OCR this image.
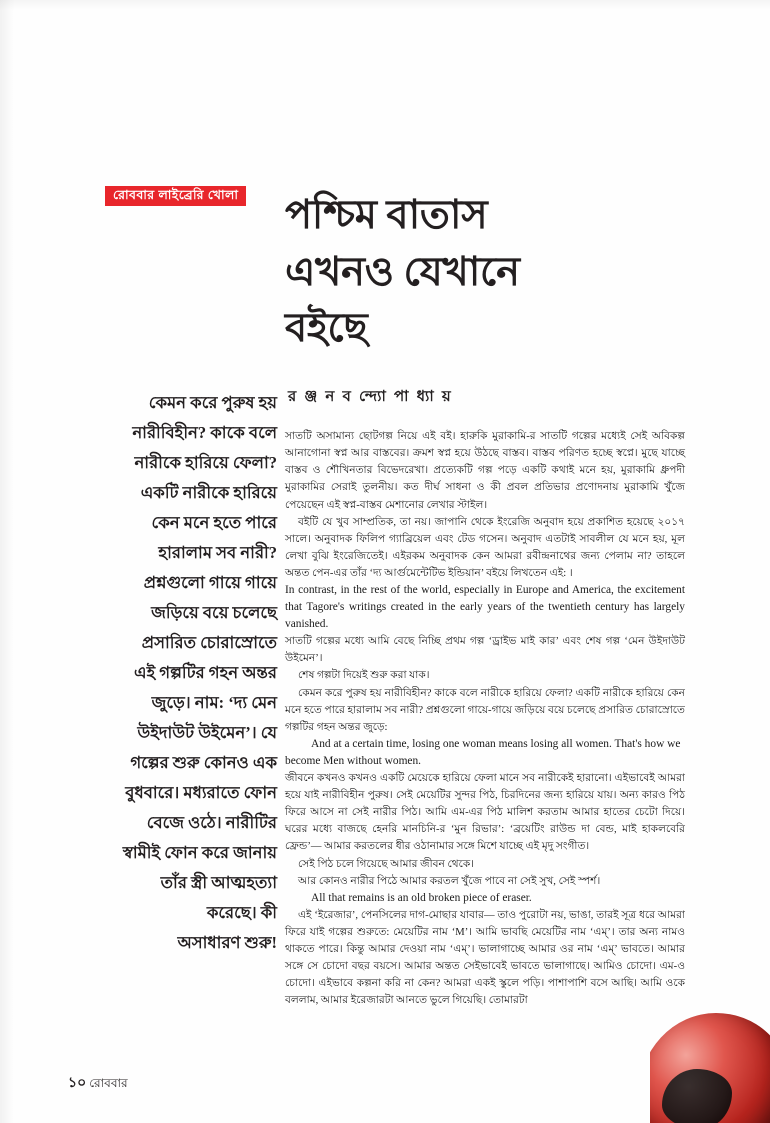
রোববার লাইব্রেরি খোলা পশ্চিম বাতাস
এখনও যেখানে
বইছে
র ঞ্জ ন ব ন্দ্যো পা ধ্যা য়
কেমন করে পুরুষ হয়
নারীবিহীন? কাকে বলে
নারীকে হারিয়ে ফেলা?
একটি নারীকে হারিয়ে
কেন মনে হতে পারে
হারালাম সব নারী?
প্রশ্নগুলো গায়ে গায়ে
জড়িয়ে বয়ে চলেছে
প্রসারিত চোরাস্রোতে
এই গল্পটির গহন অন্তর
জুড়ে। নাম: ‘দ্য মেন
উইদাউট উইমেন’। যে
গল্পের শুরু কোনও এক
বুধবারে। মধ্যরাতে ফোন
বেজে ওঠে। নারীটির
স্বামীই ফোন করে জানায়
তাঁর স্ত্রী আত্মহত্যা
করেছে। কী
অসাধারণ শুরু!

সাতটি অসামান্য ছোটগল্প নিয়ে এই বই। হারুকি মুরাকামি-র সাতটি গল্পের মধ্যেই সেই অবিকল্প আনাগোনা স্বপ্ন আর বাস্তবের। ক্রমশ স্বপ্ন হয়ে উঠছে বাস্তব। বাস্তব পরিণত হচ্ছে স্বপ্নে। মুছে যাচ্ছে বাস্তব ও শৌখিনতার বিভেদরেখা। প্রত্যেকটি গল্প পড়ে একটি কথাই মনে হয়, মুরাকামি ধ্রুপদী মুরাকামির সেরাই তুলনীয়। কত দীর্ঘ সাধনা ও কী প্রবল প্রতিভার প্রণোদনায় মুরাকামি খুঁজে পেয়েছেন এই স্বপ্ন-বাস্তব মেশানোর লেখার স্টাইল।

বইটি যে খুব সাম্প্রতিক, তা নয়। জাপানি থেকে ইংরেজি অনুবাদ হয়ে প্রকাশিত হয়েছে ২০১৭ সালে। অনুবাদক ফিলিপ গ্যাব্রিয়েল এবং টেড গসেন। অনুবাদ এতটাই সাবলীল যে মনে হয়, মূল লেখা বুঝি ইংরেজিতেই। এইরকম অনুবাদক কেন আমরা রবীন্দ্রনাথের জন্য পেলাম না? তাহলে অন্তত পেন-এর তাঁর ‘দ্য আর্গুমেন্টেটিভ ইন্ডিয়ান’ বইয়ে লিখতেন এই: ।

In contrast, in the rest of the world, especially in Europe and America, the excitement that Tagore's writings created in the early years of the twentieth century has largely vanished.

সাতটি গল্পের মধ্যে আমি বেছে নিচ্ছি প্রথম গল্প ‘ড্রাইভ মাই কার’ এবং শেষ গল্প ‘মেন উইদাউট উইমেন’।

শেষ গল্পটা দিয়েই শুরু করা যাক।

কেমন করে পুরুষ হয় নারীবিহীন? কাকে বলে নারীকে হারিয়ে ফেলা? একটি নারীকে হারিয়ে কেন মনে হতে পারে হারালাম সব নারী? প্রশ্নগুলো গায়ে-গায়ে জড়িয়ে বয়ে চলেছে প্রসারিত চোরাস্রোতে গল্পটির গহন অন্তর জুড়ে:

And at a certain time, losing one woman means losing all women. That's how we become Men without women.

জীবনে কখনও কখনও একটি মেয়েকে হারিয়ে ফেলা মানে সব নারীকেই হারানো। এইভাবেই আমরা হয়ে যাই নারীবিহীন পুরুষ। সেই মেয়েটির সুন্দর পিঠ, চিরদিনের জন্য হারিয়ে যায়। অন্য কারও পিঠ ফিরে আসে না সেই নারীর পিঠ। আমি এম-এর পিঠ মালিশ করতাম আমার হাতের চেটো দিয়ে। ঘরের মধ্যে বাজছে হেনরি মানচিনি-র ‘মুন রিভার’: ‘ব্রয়েটিং রাউন্ড দা বেন্ড, মাই হাকলবেরি ফ্রেন্ড’— আমার করতলের ধীর ওঠানামার সঙ্গে মিশে যাচ্ছে এই মৃদু সংগীত।

সেই পিঠ চলে গিয়েছে আমার জীবন থেকে।

আর কোনও নারীর পিঠে আমার করতল খুঁজে পাবে না সেই সুখ, সেই স্পর্শ।

All that remains is an old broken piece of eraser.

এই ‘ইরেজার’, পেনসিলের দাগ-মোছার যাবার— তাও পুরোটা নয়, ভাঙা, তারই সূত্র ধরে আমরা ফিরে যাই গল্পের শুরুতে: মেয়েটির নাম ‘M’। আমি ভাবছি মেয়েটির নাম ‘এম্’। তার অন্য নামও থাকতে পারে। কিন্তু আমার দেওয়া নাম ‘এম্’। ভালাগাচ্ছে আমার ওর নাম ‘এম্’ ভাবতে। আমার সঙ্গে সে চোদো বছর বয়সে। আমার অন্তত সেইভাবেই ভাবতে ভালাগাছে। আমিও চোদো। এম-ও চোদো। এইভাবে কল্পনা করি না কেন? আমরা একই স্কুলে পড়ি। পাশাপাশি বসে আছি। আমি ওকে বললাম, আমার ইরেজারটা আনতে ভুলে গিয়েছি। তোমারটা

১০ রোববার
